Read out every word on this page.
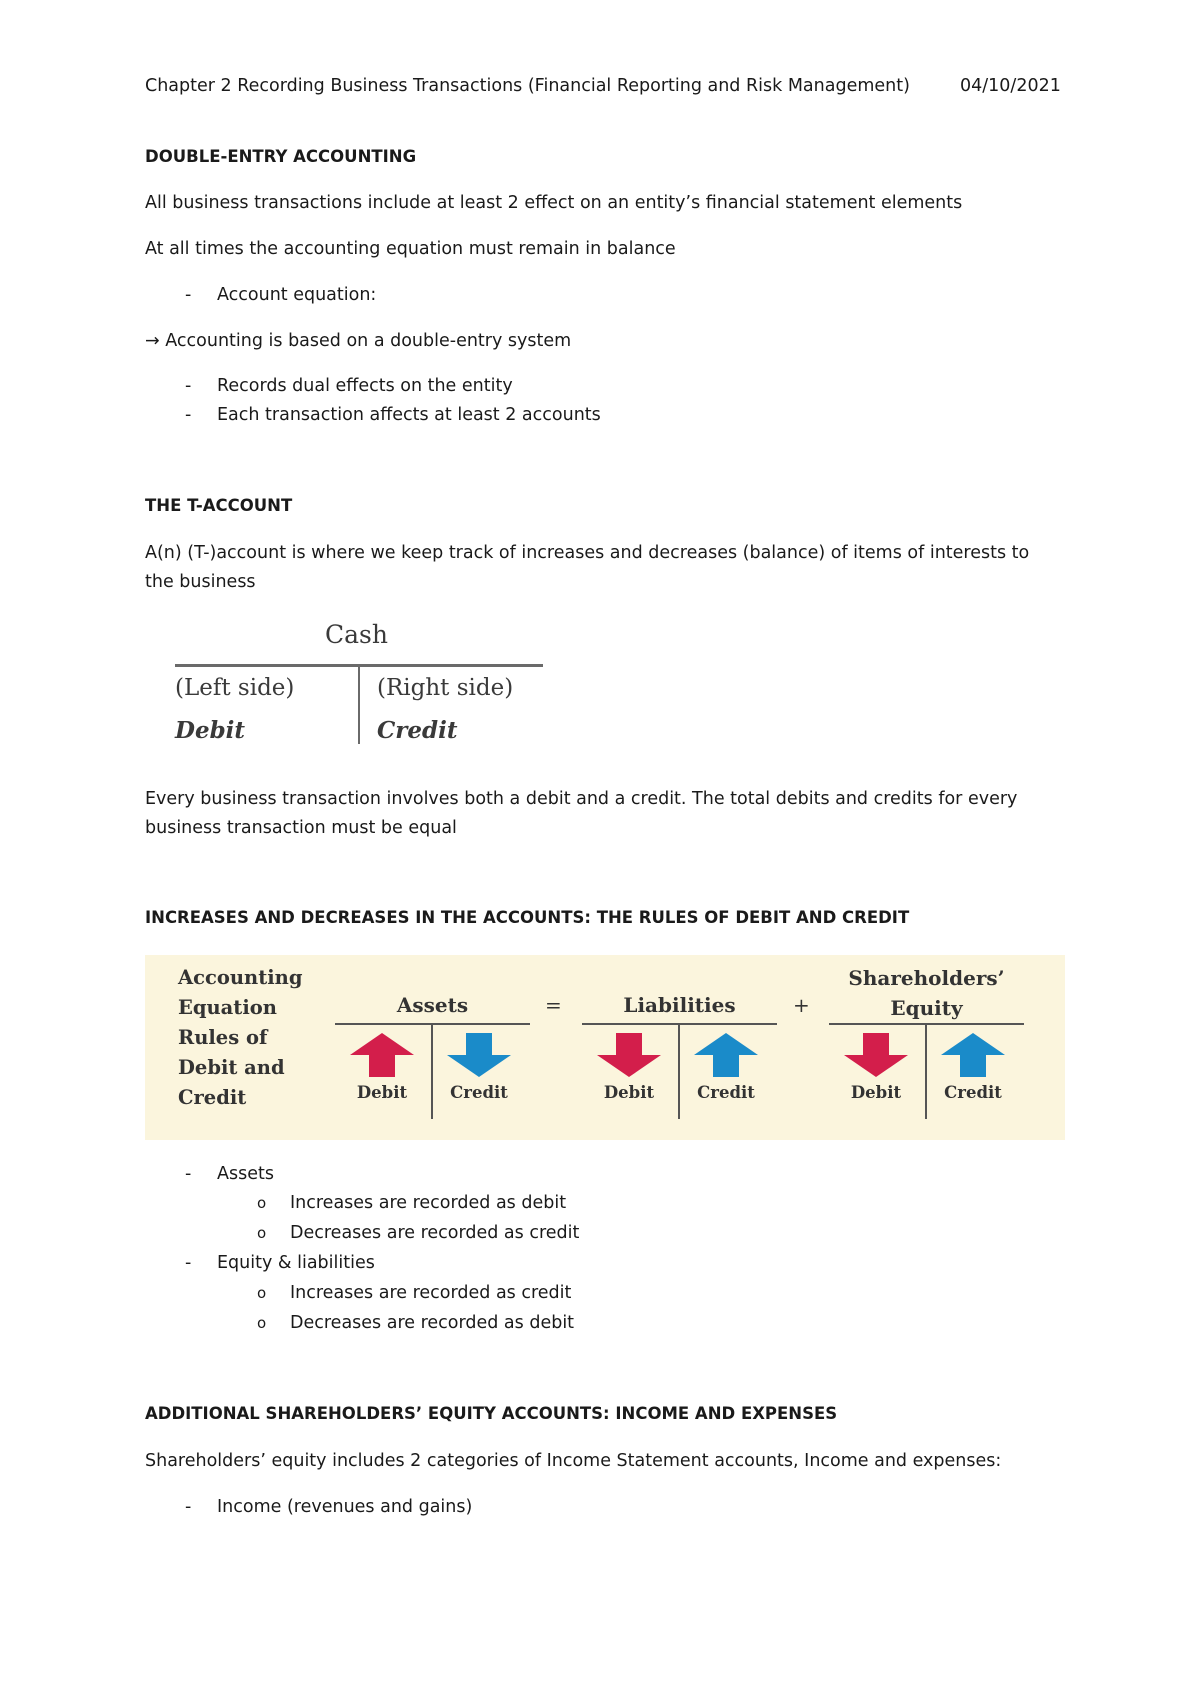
Chapter 2 Recording Business Transactions (Financial Reporting and Risk Management)	04/10/2021
DOUBLE-ENTRY ACCOUNTING
All business transactions include at least 2 effect on an entity’s financial statement elements
At all times the accounting equation must remain in balance
- Account equation:
→ Accounting is based on a double-entry system
- Records dual effects on the entity
- Each transaction affects at least 2 accounts
THE T-ACCOUNT
A(n) (T-)account is where we keep track of increases and decreases (balance) of items of interests to
the business
Every business transaction involves both a debit and a credit. The total debits and credits for every
business transaction must be equal
INCREASES AND DECREASES IN THE ACCOUNTS: THE RULES OF DEBIT AND CREDIT
- Assets
o Increases are recorded as debit
o Decreases are recorded as credit
- Equity & liabilities
o Increases are recorded as credit
o Decreases are recorded as debit
ADDITIONAL SHAREHOLDERS’ EQUITY ACCOUNTS: INCOME AND EXPENSES
Shareholders’ equity includes 2 categories of Income Statement accounts, Income and expenses:
- Income (revenues and gains)
Cash
(Left side)	(Right side)
Debit	Credit
Accounting
Equation
Rules of
Debit and
Credit
Assets	=	Liabilities	+
Shareholders’
Equity
Debit	Credit	Debit	Credit	Debit	Credit
